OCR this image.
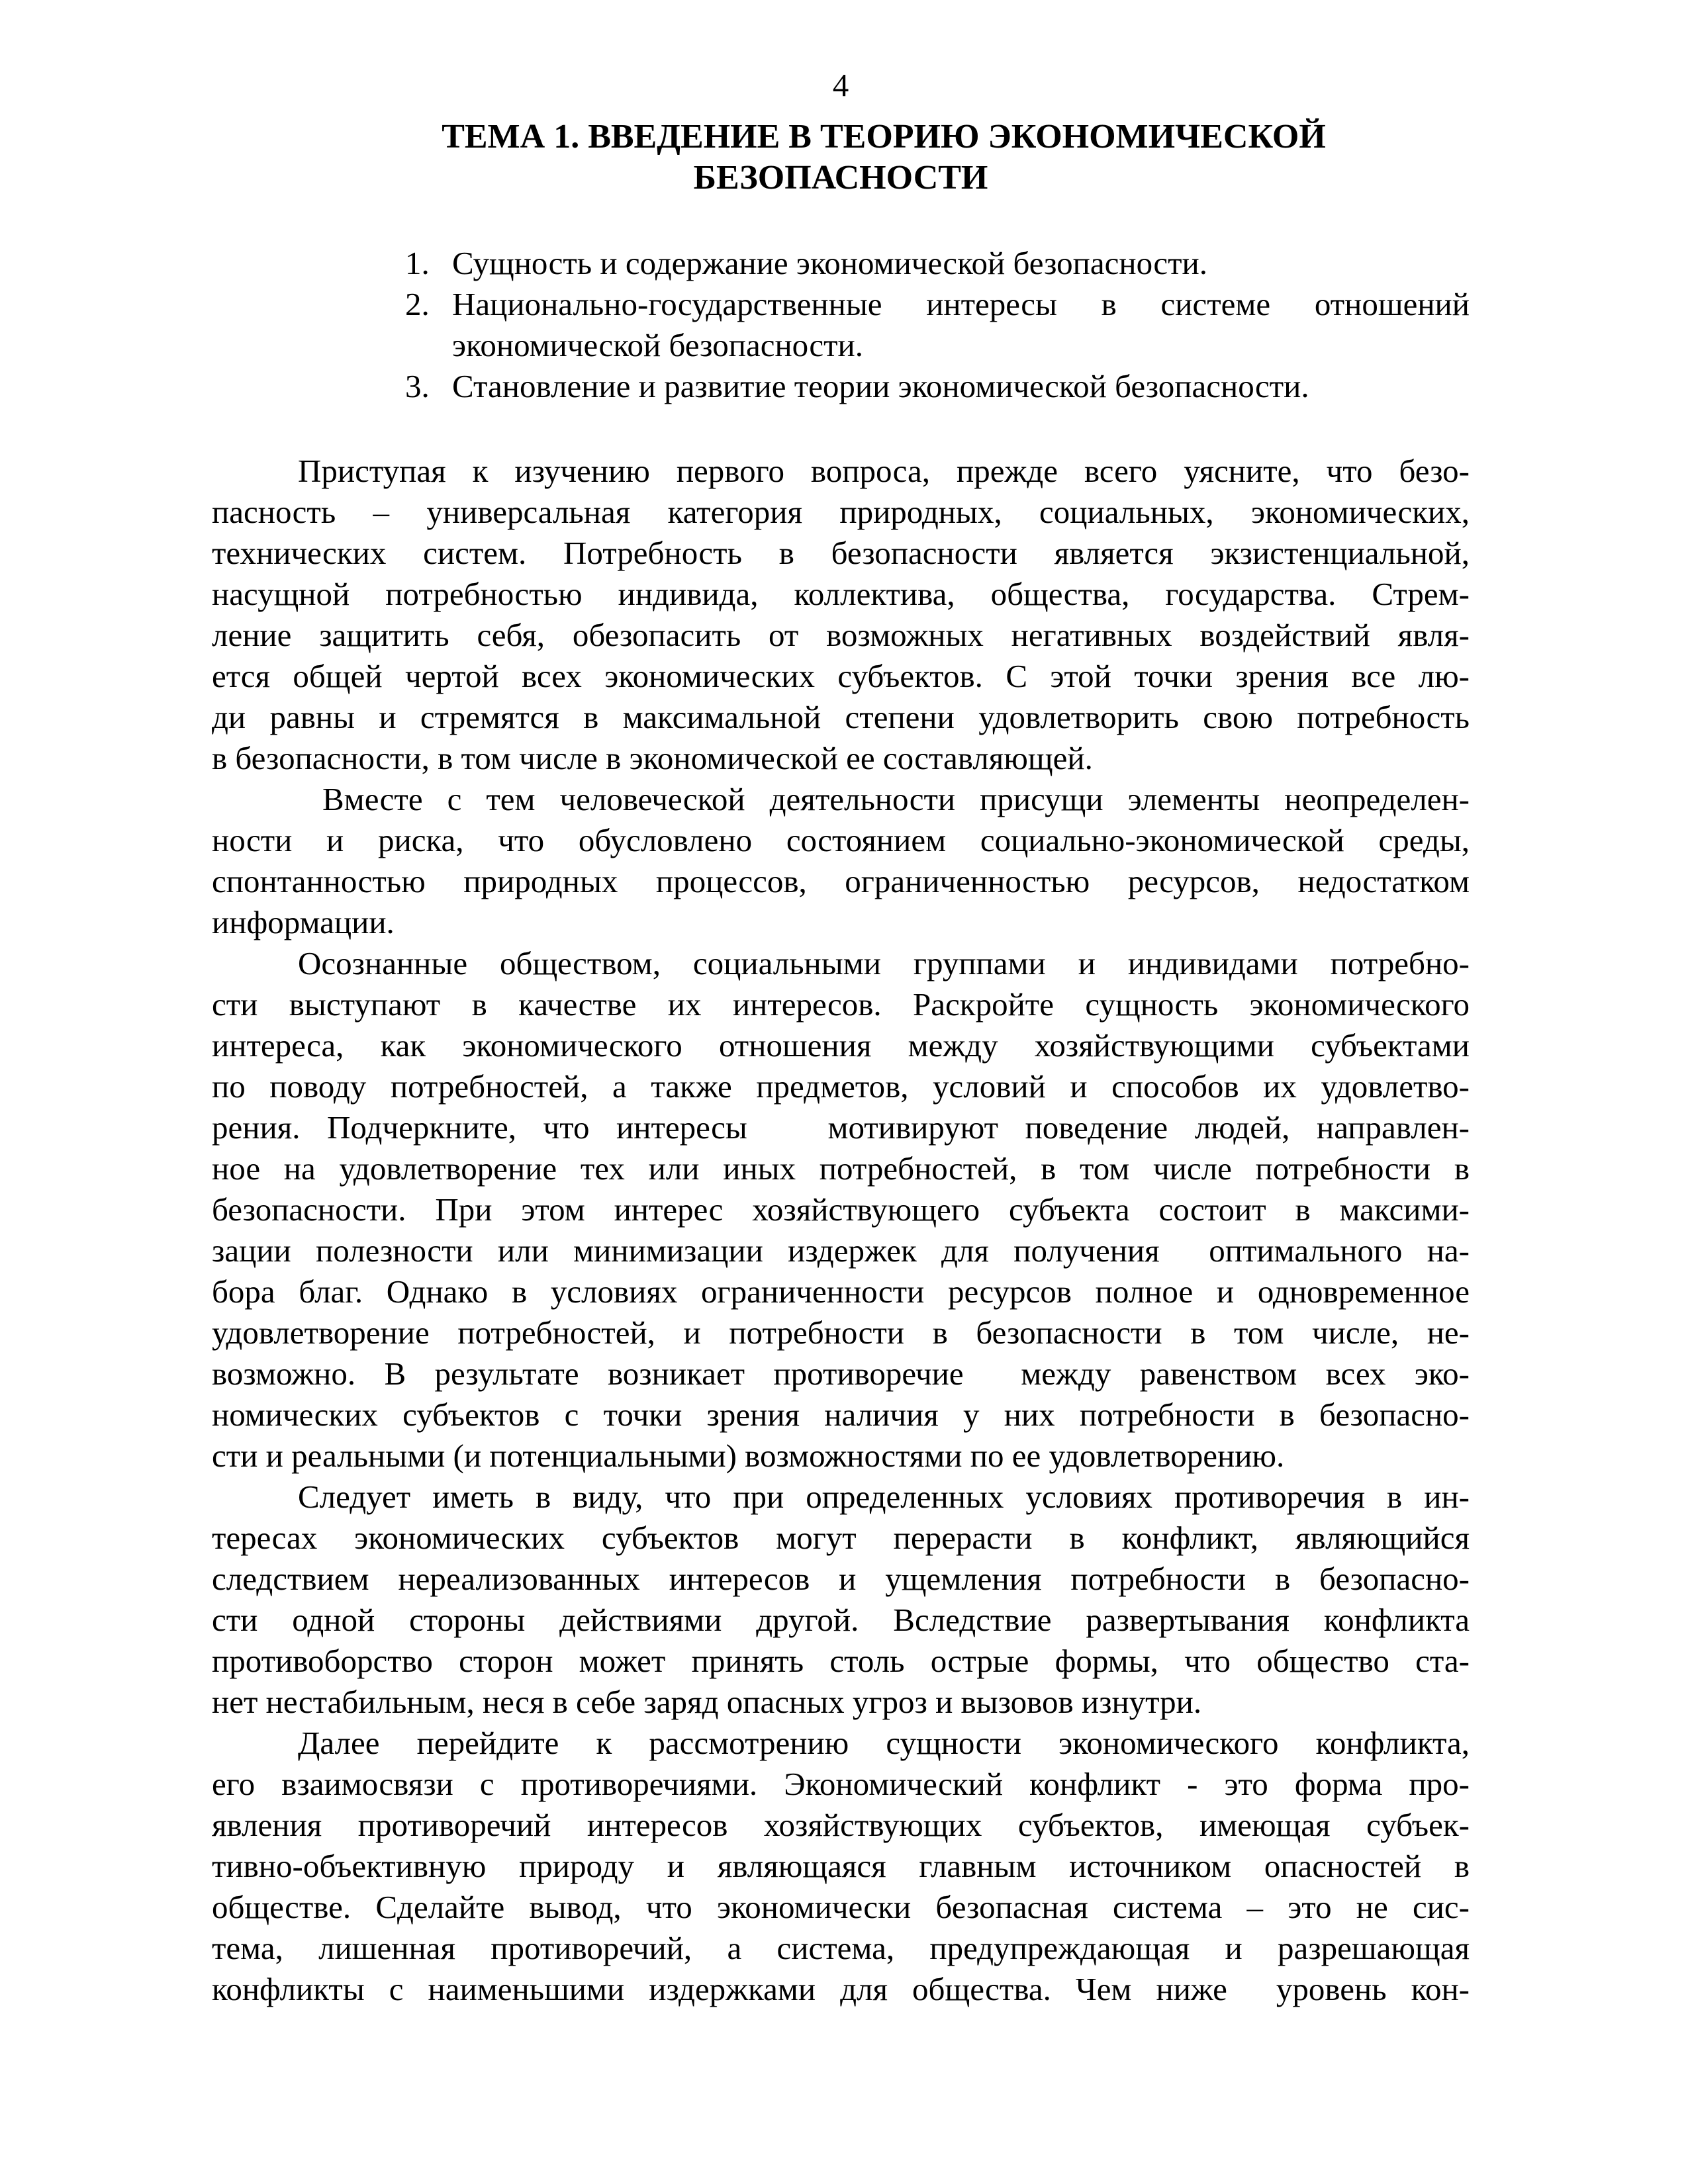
4
ТЕМА 1. ВВЕДЕНИЕ В ТЕОРИЮ ЭКОНОМИЧЕСКОЙ
БЕЗОПАСНОСТИ
1. Сущность и содержание экономической безопасности.
2. Национально-государственные интересы в системе отношений
экономической безопасности.
3. Становление и развитие теории экономической безопасности.
Приступая к изучению первого вопроса, прежде всего уясните, что безо-
пасность – универсальная категория природных, социальных, экономических,
технических систем. Потребность в безопасности является экзистенциальной,
насущной потребностью индивида, коллектива, общества, государства. Стрем-
ление защитить себя, обезопасить от возможных негативных воздействий явля-
ется общей чертой всех экономических субъектов. С этой точки зрения все лю-
ди равны и стремятся в максимальной степени удовлетворить свою потребность
в безопасности, в том числе в экономической ее составляющей.
Вместе с тем человеческой деятельности присущи элементы неопределен-
ности и риска, что обусловлено состоянием социально-экономической среды,
спонтанностью природных процессов, ограниченностью ресурсов, недостатком
информации.
Осознанные обществом, социальными группами и индивидами потребно-
сти выступают в качестве их интересов. Раскройте сущность экономического
интереса, как экономического отношения между хозяйствующими субъектами
по поводу потребностей, а также предметов, условий и способов их удовлетво-
рения. Подчеркните, что интересы   мотивируют поведение людей, направлен-
ное на удовлетворение тех или иных потребностей, в том числе потребности в
безопасности. При этом интерес хозяйствующего субъекта состоит в максими-
зации полезности или минимизации издержек для получения  оптимального на-
бора благ. Однако в условиях ограниченности ресурсов полное и одновременное
удовлетворение потребностей, и потребности в безопасности в том числе, не-
возможно. В результате возникает противоречие  между равенством всех эко-
номических субъектов с точки зрения наличия у них потребности в безопасно-
сти и реальными (и потенциальными) возможностями по ее удовлетворению.
Следует иметь в виду, что при определенных условиях противоречия в ин-
тересах экономических субъектов могут перерасти в конфликт, являющийся
следствием нереализованных интересов и ущемления потребности в безопасно-
сти одной стороны действиями другой. Вследствие развертывания конфликта
противоборство сторон может принять столь острые формы, что общество ста-
нет нестабильным, неся в себе заряд опасных угроз и вызовов изнутри.
Далее перейдите к рассмотрению сущности экономического конфликта,
его взаимосвязи с противоречиями. Экономический конфликт - это форма про-
явления противоречий интересов хозяйствующих субъектов, имеющая субъек-
тивно-объективную природу и являющаяся главным источником опасностей в
обществе. Сделайте вывод, что экономически безопасная система – это не сис-
тема, лишенная противоречий, а система, предупреждающая и разрешающая
конфликты с наименьшими издержками для общества. Чем ниже  уровень кон-
